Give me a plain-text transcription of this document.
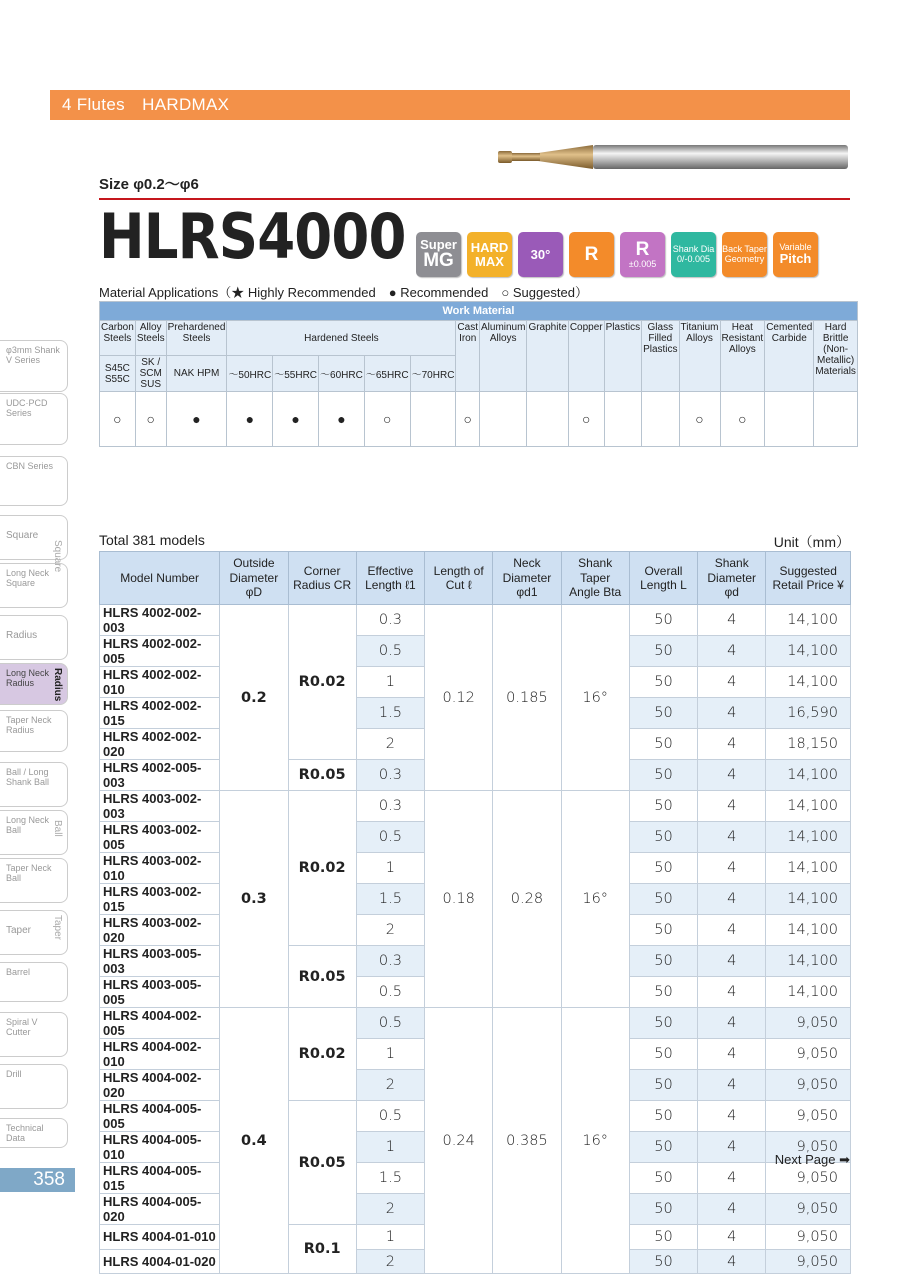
4 Flutes　HARDMAX
Size φ0.2～φ6
HLRS4000 Super
MG
HARD
MAX 30° R R
±0.005
Shank Dia
0/-0.005
Back Taper
Geometry
Variable
Pitch
Material Applications（★ Highly Recommended　● Recommended　○ Suggested）
Work Material																	
Carbon Steels	Alloy Steels	Prehardened Steels	Hardened Steels					Cast Iron	Aluminum Alloys	Graphite	Copper	Plastics	Glass Filled Plastics	Titanium Alloys	Heat Resistant Alloys	Cemented Carbide	Hard Brittle (Non-Metallic) Materials
S45C S55C	SK / SCM SUS	NAK HPM	～50HRC	～55HRC	～60HRC	～65HRC	～70HRC										
○	○	●	●	●	●	○		○			○			○	○		
Total 381 models	Unit（mm）
Model Number	Outside Diameter φD	Corner Radius CR	Effective Length ℓ1	Length of Cut ℓ	Neck Diameter φd1	Shank Taper Angle Bta	Overall Length L	Shank Diameter φd	Suggested Retail Price ¥
HLRS 4002-002-003	0.2	R0.02	0.3	0.12	0.185	16°	50	4	14,100
HLRS 4002-002-005			0.5				50	4	14,100
HLRS 4002-002-010			1				50	4	14,100
HLRS 4002-002-015			1.5				50	4	16,590
HLRS 4002-002-020			2				50	4	18,150
HLRS 4002-005-003		R0.05	0.3				50	4	14,100
HLRS 4003-002-003	0.3	R0.02	0.3	0.18	0.28	16°	50	4	14,100
HLRS 4003-002-005			0.5				50	4	14,100
HLRS 4003-002-010			1				50	4	14,100
HLRS 4003-002-015			1.5				50	4	14,100
HLRS 4003-002-020			2				50	4	14,100
HLRS 4003-005-003		R0.05	0.3				50	4	14,100
HLRS 4003-005-005			0.5				50	4	14,100
HLRS 4004-002-005	0.4	R0.02	0.5	0.24	0.385	16°	50	4	9,050
HLRS 4004-002-010			1				50	4	9,050
HLRS 4004-002-020			2				50	4	9,050
HLRS 4004-005-005		R0.05	0.5				50	4	9,050
HLRS 4004-005-010			1				50	4	9,050
HLRS 4004-005-015			1.5				50	4	9,050
HLRS 4004-005-020			2				50	4	9,050
HLRS 4004-01-010		R0.1	1				50	4	9,050
HLRS 4004-01-020			2				50	4	9,050
Next Page ➡
358
φ3mm Shank V Series
UDC·PCD Series
CBN Series
Square
Long Neck Square
Radius
Long Neck Radius
Taper Neck Radius
Ball / Long Shank Ball
Long Neck Ball
Taper Neck Ball
Taper
Barrel
Spiral V Cutter
Drill
Technical Data
Square
Radius
Ball
Taper
